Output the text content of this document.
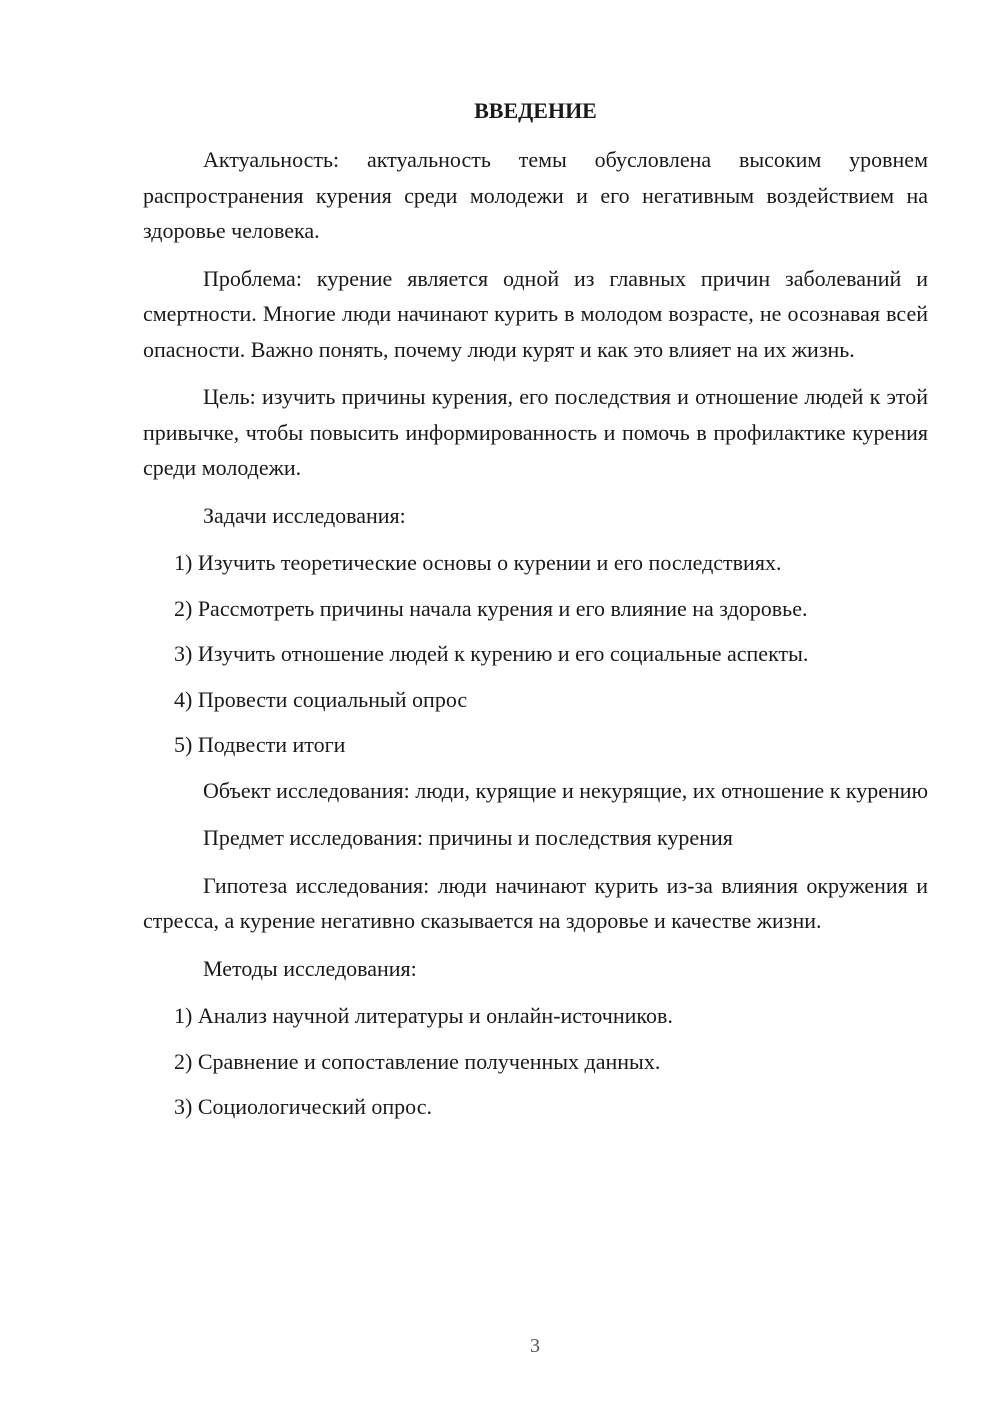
ВВЕДЕНИЕ

Актуальность: актуальность темы обусловлена высоким уровнем распространения курения среди молодежи и его негативным воздействием на здоровье человека.

Проблема: курение является одной из главных причин заболеваний и смертности. Многие люди начинают курить в молодом возрасте, не осознавая всей опасности. Важно понять, почему люди курят и как это влияет на их жизнь.

Цель: изучить причины курения, его последствия и отношение людей к этой привычке, чтобы повысить информированность и помочь в профилактике курения среди молодежи.

Задачи исследования:

1) Изучить теоретические основы о курении и его последствиях.
2) Рассмотреть причины начала курения и его влияние на здоровье.
3) Изучить отношение людей к курению и его социальные аспекты.
4) Провести социальный опрос
5) Подвести итоги

Объект исследования: люди, курящие и некурящие, их отношение к курению

Предмет исследования: причины и последствия курения

Гипотеза исследования: люди начинают курить из-за влияния окружения и стресса, а курение негативно сказывается на здоровье и качестве жизни.

Методы исследования:

1) Анализ научной литературы и онлайн-источников.
2) Сравнение и сопоставление полученных данных.
3) Социологический опрос.
3
